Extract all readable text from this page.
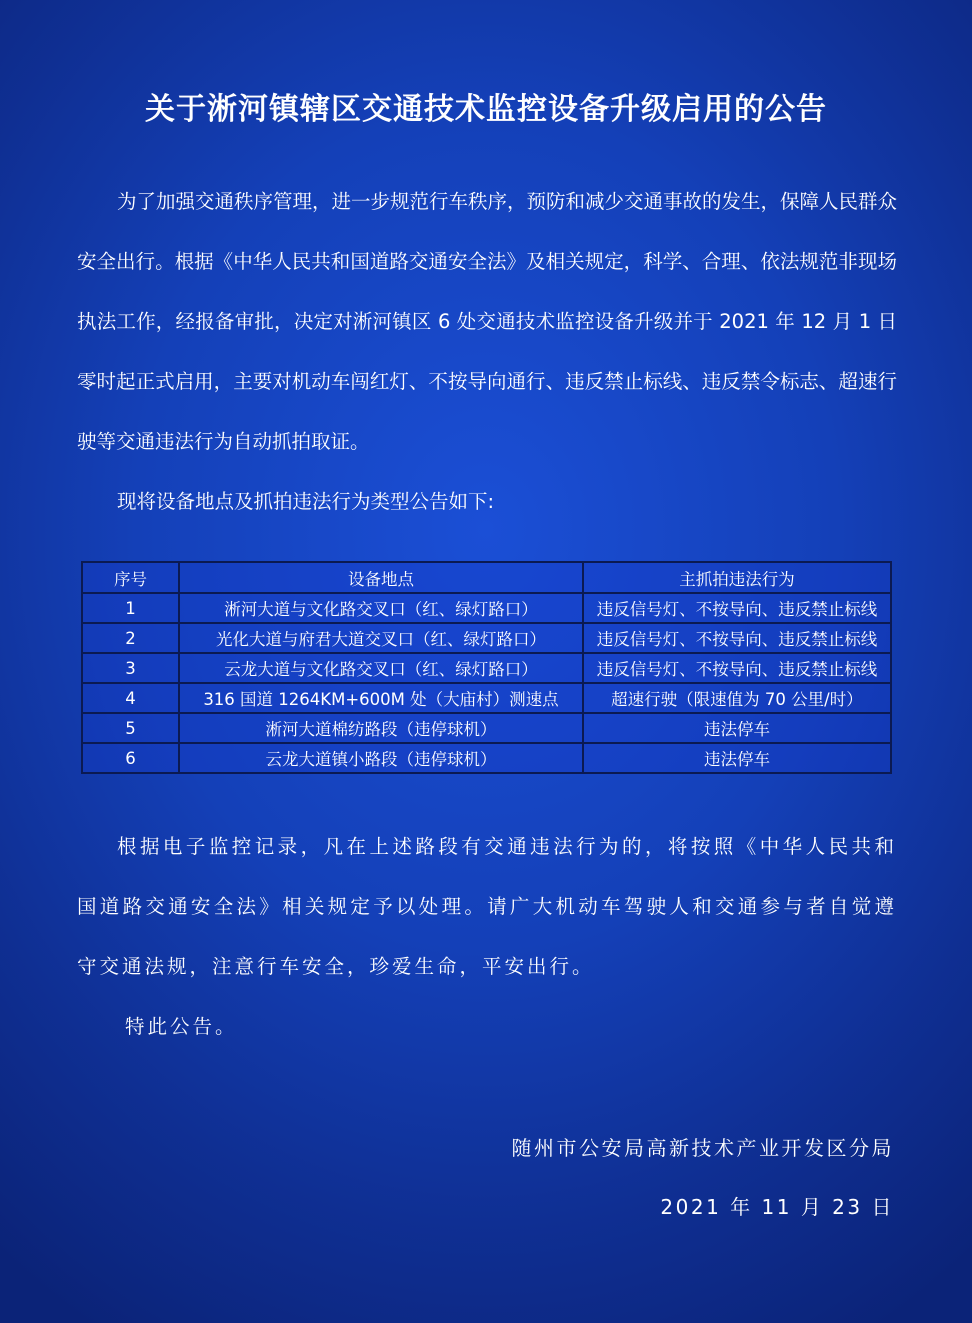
关于淅河镇辖区交通技术监控设备升级启用的公告
为了加强交通秩序管理，进一步规范行车秩序，预防和减少交通事故的发生，保障人民群众安全出行。根据《中华人民共和国道路交通安全法》及相关规定，科学、合理、依法规范非现场执法工作，经报备审批，决定对淅河镇区 6 处交通技术监控设备升级并于 2021 年 12 月 1 日零时起正式启用，主要对机动车闯红灯、不按导向通行、违反禁止标线、违反禁令标志、超速行驶等交通违法行为自动抓拍取证。
现将设备地点及抓拍违法行为类型公告如下:
序号	设备地点	主抓拍违法行为
1	淅河大道与文化路交叉口（红、绿灯路口）	违反信号灯、不按导向、违反禁止标线
2	光化大道与府君大道交叉口（红、绿灯路口）	违反信号灯、不按导向、违反禁止标线
3	云龙大道与文化路交叉口（红、绿灯路口）	违反信号灯、不按导向、违反禁止标线
4	316 国道 1264KM+600M 处（大庙村）测速点	超速行驶（限速值为 70 公里/时）
5	淅河大道棉纺路段（违停球机）	违法停车
6	云龙大道镇小路段（违停球机）	违法停车
根据电子监控记录，凡在上述路段有交通违法行为的，将按照《中华人民共和国道路交通安全法》相关规定予以处理。请广大机动车驾驶人和交通参与者自觉遵守交通法规，注意行车安全，珍爱生命，平安出行。
特此公告。
随州市公安局高新技术产业开发区分局
2021 年 11 月 23 日
